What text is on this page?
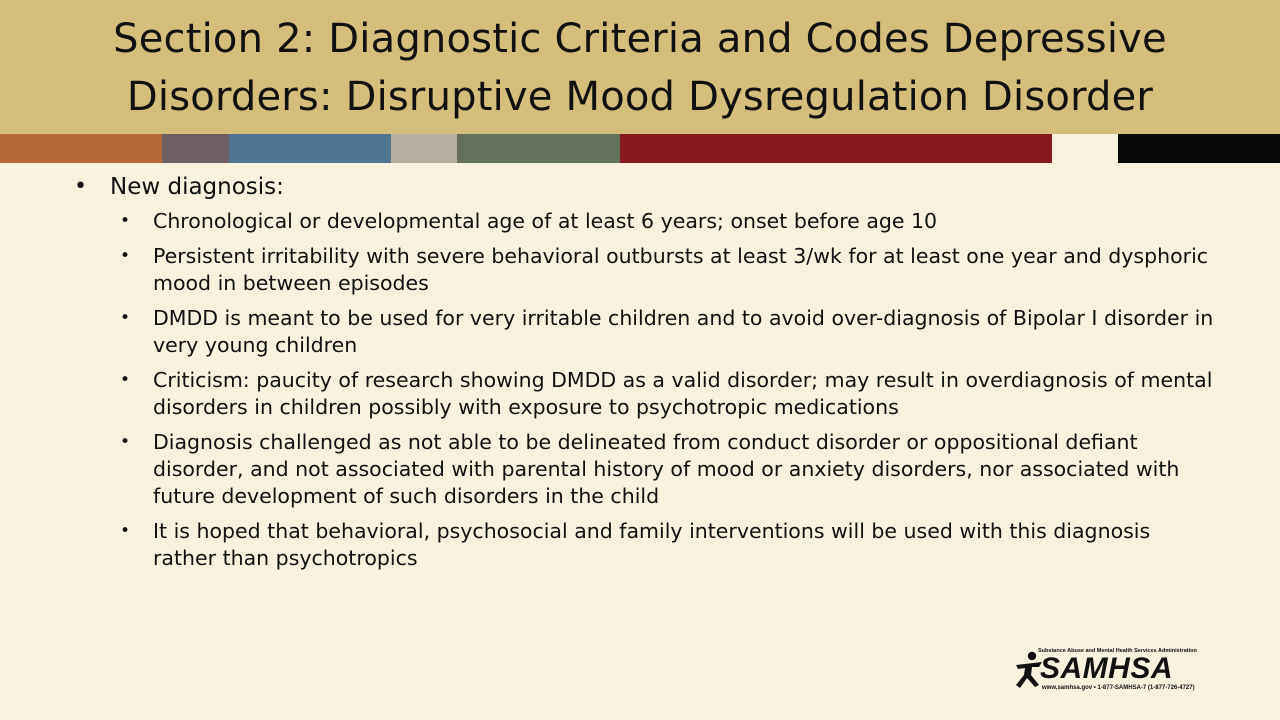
Section 2: Diagnostic Criteria and Codes Depressive
Disorders: Disruptive Mood Dysregulation Disorder
• New diagnosis:
• Chronological or developmental age of at least 6 years; onset before age 10
• Persistent irritability with severe behavioral outbursts at least 3/wk for at least one year and dysphoric mood in between episodes
• DMDD is meant to be used for very irritable children and to avoid over-diagnosis of Bipolar I disorder in very young children
• Criticism: paucity of research showing DMDD as a valid disorder; may result in overdiagnosis of mental disorders in children possibly with exposure to psychotropic medications
• Diagnosis challenged as not able to be delineated from conduct disorder or oppositional defiant disorder, and not associated with parental history of mood or anxiety disorders, nor associated with future development of such disorders in the child
• It is hoped that behavioral, psychosocial and family interventions will be used with this diagnosis rather than psychotropics
Substance Abuse and Mental Health Services Administration
SAMHSA
www.samhsa.gov • 1-877-SAMHSA-7 (1-877-726-4727)
